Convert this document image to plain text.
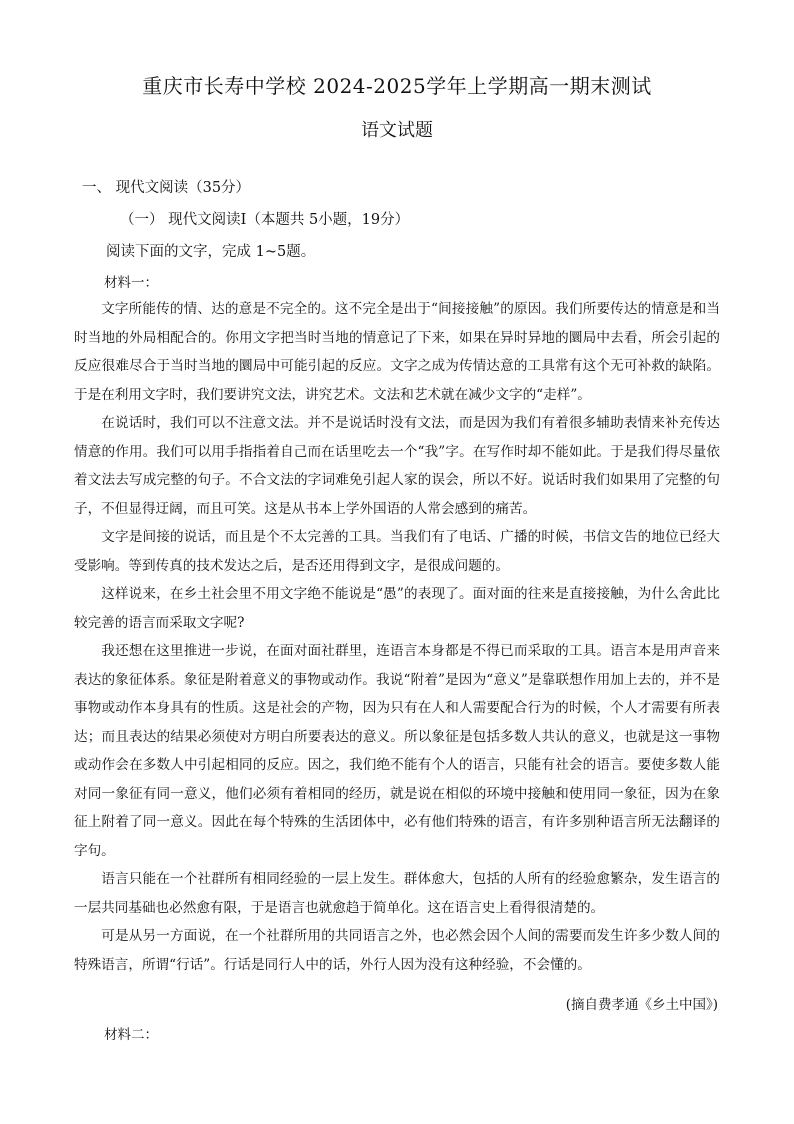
重庆市长寿中学校 2024-2025学年上学期高一期末测试
语文试题
一、 现代文阅读（35分）
（一） 现代文阅读Ⅰ（本题共 5小题，19分）
阅读下面的文字，完成 1~5题。
材料一：

文字所能传的情、达的意是不完全的。这不完全是出于“间接接触”的原因。我们所要传达的情意是和当时当地的外局相配合的。你用文字把当时当地的情意记了下来，如果在异时异地的圜局中去看，所会引起的反应很难尽合于当时当地的圜局中可能引起的反应。文字之成为传情达意的工具常有这个无可补救的缺陷。于是在利用文字时，我们要讲究文法，讲究艺术。文法和艺术就在减少文字的“走样”。

在说话时，我们可以不注意文法。并不是说话时没有文法，而是因为我们有着很多辅助表情来补充传达情意的作用。我们可以用手指指着自己而在话里吃去一个“我”字。在写作时却不能如此。于是我们得尽量依着文法去写成完整的句子。不合文法的字词难免引起人家的误会，所以不好。说话时我们如果用了完整的句子，不但显得迂阔，而且可笑。这是从书本上学外国语的人常会感到的痛苦。

文字是间接的说话，而且是个不太完善的工具。当我们有了电话、广播的时候，书信文告的地位已经大受影响。等到传真的技术发达之后，是否还用得到文字，是很成问题的。

这样说来，在乡土社会里不用文字绝不能说是“愚”的表现了。面对面的往来是直接接触，为什么舍此比较完善的语言而采取文字呢?

我还想在这里推进一步说，在面对面社群里，连语言本身都是不得已而采取的工具。语言本是用声音来表达的象征体系。象征是附着意义的事物或动作。我说“附着”是因为“意义”是靠联想作用加上去的，并不是事物或动作本身具有的性质。这是社会的产物，因为只有在人和人需要配合行为的时候，个人才需要有所表达；而且表达的结果必须使对方明白所要表达的意义。所以象征是包括多数人共认的意义，也就是这一事物或动作会在多数人中引起相同的反应。因之，我们绝不能有个人的语言，只能有社会的语言。要使多数人能对同一象征有同一意义，他们必须有着相同的经历，就是说在相似的环境中接触和使用同一象征，因为在象征上附着了同一意义。因此在每个特殊的生活团体中，必有他们特殊的语言，有许多别种语言所无法翻译的字句。

语言只能在一个社群所有相同经验的一层上发生。群体愈大，包括的人所有的经验愈繁杂，发生语言的一层共同基础也必然愈有限，于是语言也就愈趋于简单化。这在语言史上看得很清楚的。

可是从另一方面说，在一个社群所用的共同语言之外，也必然会因个人间的需要而发生许多少数人间的特殊语言，所谓“行话”。行话是同行人中的话，外行人因为没有这种经验，不会懂的。

(摘自费孝通《乡土中国》)
材料二：
